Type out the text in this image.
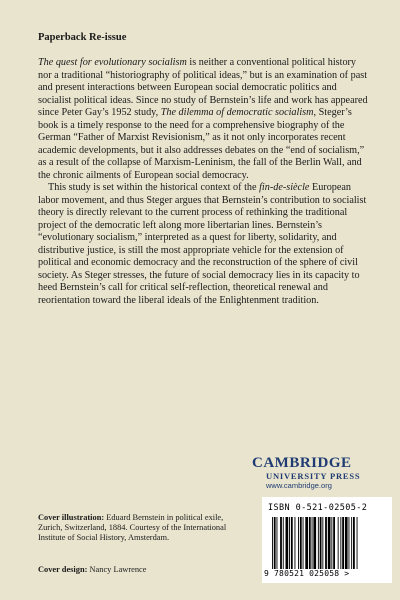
Paperback Re-issue

The quest for evolutionary socialism is neither a conventional political history nor a traditional “historiography of political ideas,” but is an examination of past and present interactions between European social democratic politics and socialist political ideas. Since no study of Bernstein’s life and work has appeared since Peter Gay’s 1952 study, The dilemma of democratic socialism, Steger’s book is a timely response to the need for a comprehensive biography of the German “Father of Marxist Revisionism,” as it not only incorporates recent academic developments, but it also addresses debates on the “end of socialism,” as a result of the collapse of Marxism-Leninism, the fall of the Berlin Wall, and the chronic ailments of European social democracy.

This study is set within the historical context of the fin-de-siècle European labor movement, and thus Steger argues that Bernstein’s contribution to socialist theory is directly relevant to the current process of rethinking the traditional project of the democratic left along more libertarian lines. Bernstein’s “evolutionary socialism,” interpreted as a quest for liberty, solidarity, and distributive justice, is still the most appropriate vehicle for the extension of political and economic democracy and the reconstruction of the sphere of civil society. As Steger stresses, the future of social democracy lies in its capacity to heed Bernstein’s call for critical self-reflection, theoretical renewal and reorientation toward the liberal ideals of the Enlightenment tradition.

CAMBRIDGE
UNIVERSITY PRESS
www.cambridge.org
ISBN 0-521-02505-2
9 780521 025058 >
Cover illustration: Eduard Bernstein in political exile, Zurich, Switzerland, 1884. Courtesy of the International Institute of Social History, Amsterdam.
Cover design: Nancy Lawrence
